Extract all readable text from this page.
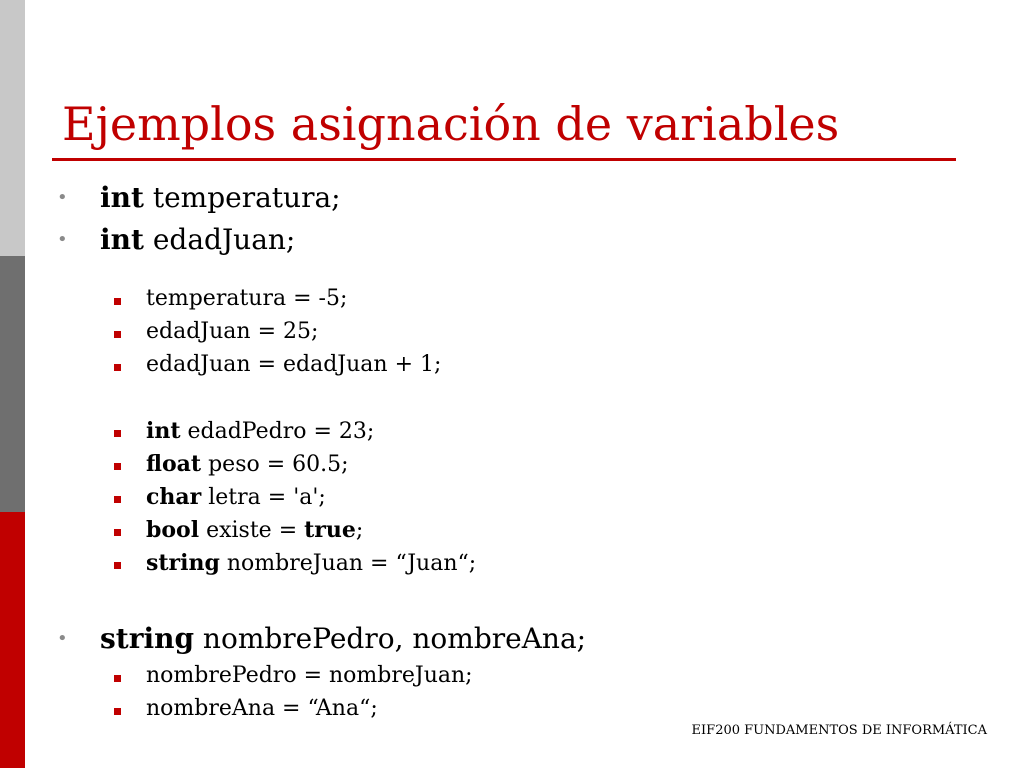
Ejemplos asignación de variables
• int temperatura;
• int edadJuan;
temperatura = -5;
edadJuan = 25;
edadJuan = edadJuan + 1;
int edadPedro = 23;
float peso = 60.5;
char letra = 'a';
bool existe = true;
string nombreJuan = “Juan“;
• string nombrePedro, nombreAna;
nombrePedro = nombreJuan;
nombreAna = “Ana“;
EIF200 FUNDAMENTOS DE INFORMÁTICA
